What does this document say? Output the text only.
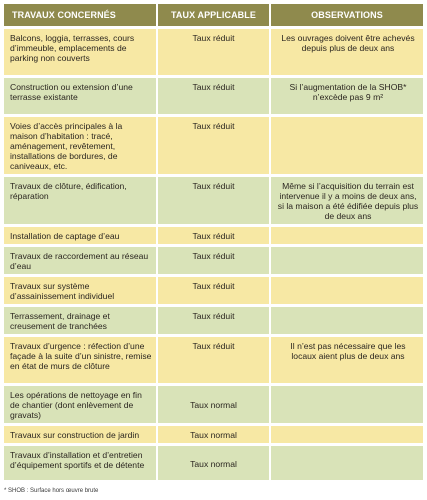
TRAVAUX CONCERNÉS	TAUX APPLICABLE	OBSERVATIONS
Balcons, loggia, terrasses, cours d’immeuble, emplacements de parking non couverts	Taux réduit	Les ouvrages doivent être achevés depuis plus de deux ans
Construction ou extension d’une terrasse existante	Taux réduit	Si l’augmentation de la SHOB* n’excède pas 9 m²
Voies d’accès principales à la maison d’habitation : tracé, aménagement, revêtement, installations de bordures, de caniveaux, etc.	Taux réduit	
Travaux de clôture, édification, réparation	Taux réduit	Même si l’acquisition du terrain est intervenue il y a moins de deux ans, si la maison a été édifiée depuis plus de deux ans
Installation de captage d’eau	Taux réduit	
Travaux de raccordement au réseau d’eau	Taux réduit	
Travaux sur système d’assainissement individuel	Taux réduit	
Terrassement, drainage et creusement de tranchées	Taux réduit	
Travaux d’urgence : réfection d’une façade à la suite d’un sinistre, remise en état de murs de clôture	Taux réduit	Il n’est pas nécessaire que les locaux aient plus de deux ans
Les opérations de nettoyage en fin de chantier (dont enlèvement de gravats)	Taux normal	
Travaux sur construction de jardin	Taux normal	
Travaux d’installation et d’entretien d’équipement sportifs et de détente	Taux normal	
* SHOB : Surface hors œuvre brute
